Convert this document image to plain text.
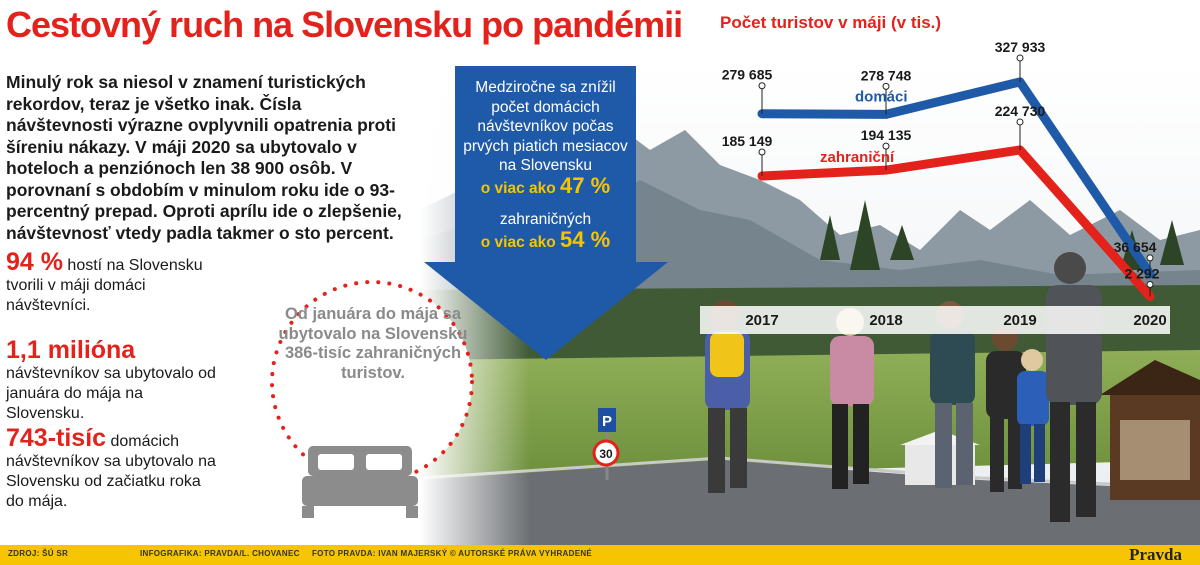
Cestovný ruch na Slovensku po pandémii
Minulý rok sa niesol v znamení turistických rekordov, teraz je všetko inak. Čísla návštevnosti výrazne ovplyvnili opatrenia proti šíreniu nákazy. V máji 2020 sa ubytovalo v hoteloch a penziónoch len 38 900 osôb. V porovnaní s obdobím v minulom roku ide o 93-percentný prepad. Oproti aprílu ide o zlepšenie, návštevnosť vtedy padla takmer o sto percent.
94 % hostí na Slovensku tvorili v máji domáci návštevníci.
1,1 milióna
návštevníkov sa ubytovalo od januára do mája na Slovensku.
743-tisíc domácich návštevníkov sa ubytovalo na Slovensku od začiatku roka do mája.
P
30
Medziročne sa znížil počet domácich návštevníkov počas prvých piatich mesiacov na Slovensku
o viac ako 47 %
zahraničných
o viac ako 54 %
Od januára do mája sa ubytovalo na Slovensku 386-tisíc zahraničných turistov.
Počet turistov v máji (v tis.)
279 685	278 748
327 933
36 654
domáci
185 149	194 135
224 730
2 292
zahraniční
2017	2018	2019	2020
ZDROJ: ŠÚ SR	INFOGRAFIKA: PRAVDA/L. CHOVANEC FOTO PRAVDA: IVAN MAJERSKÝ © AUTORSKÉ PRÁVA VYHRADENÉ	Pravda
